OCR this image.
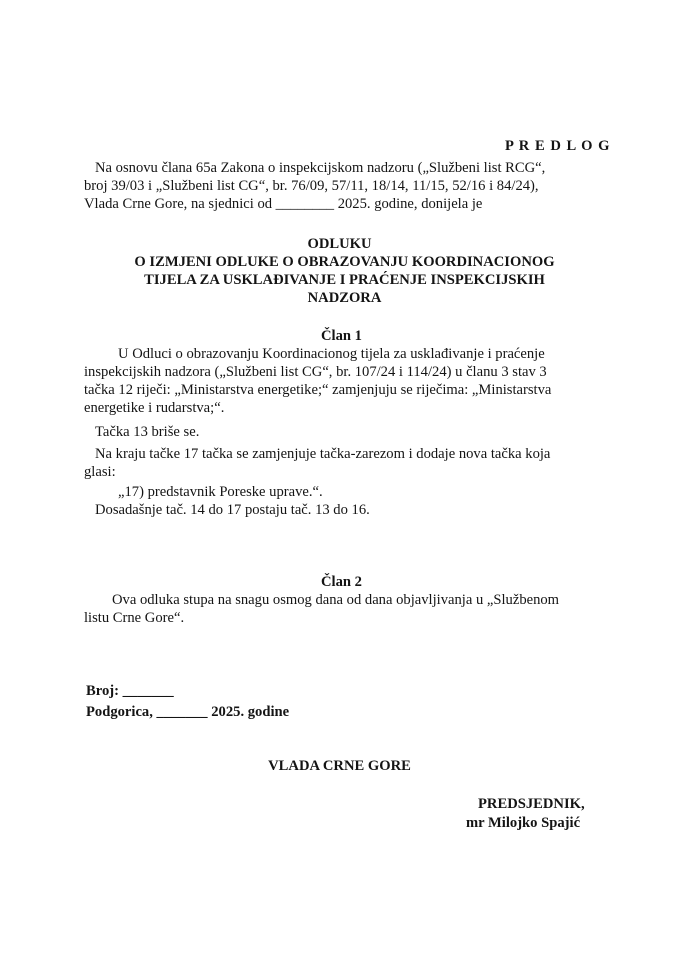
P R E D L O G
Na osnovu člana 65a Zakona o inspekcijskom nadzoru („Službeni list RCG“,
broj 39/03 i „Službeni list CG“, br. 76/09, 57/11, 18/14, 11/15, 52/16 i 84/24),
Vlada Crne Gore, na sjednici od ________ 2025. godine, donijela je
ODLUKU
O IZMJENI ODLUKE O OBRAZOVANJU KOORDINACIONOG
TIJELA ZA USKLAĐIVANJE I PRAĆENJE INSPEKCIJSKIH
NADZORA
Član 1
U Odluci o obrazovanju Koordinacionog tijela za usklađivanje i praćenje
inspekcijskih nadzora („Službeni list CG“, br. 107/24 i 114/24) u članu 3 stav 3
tačka 12 riječi: „Ministarstva energetike;“ zamjenjuju se riječima: „Ministarstva
energetike i rudarstva;“.
Tačka 13 briše se.
Na kraju tačke 17 tačka se zamjenjuje tačka-zarezom i dodaje nova tačka koja
glasi:
„17) predstavnik Poreske uprave.“.
Dosadašnje tač. 14 do 17 postaju tač. 13 do 16.
Član 2
Ova odluka stupa na snagu osmog dana od dana objavljivanja u „Službenom
listu Crne Gore“.
Broj: _______
Podgorica, _______ 2025. godine
VLADA CRNE GORE
PREDSJEDNIK,
mr Milojko Spajić
